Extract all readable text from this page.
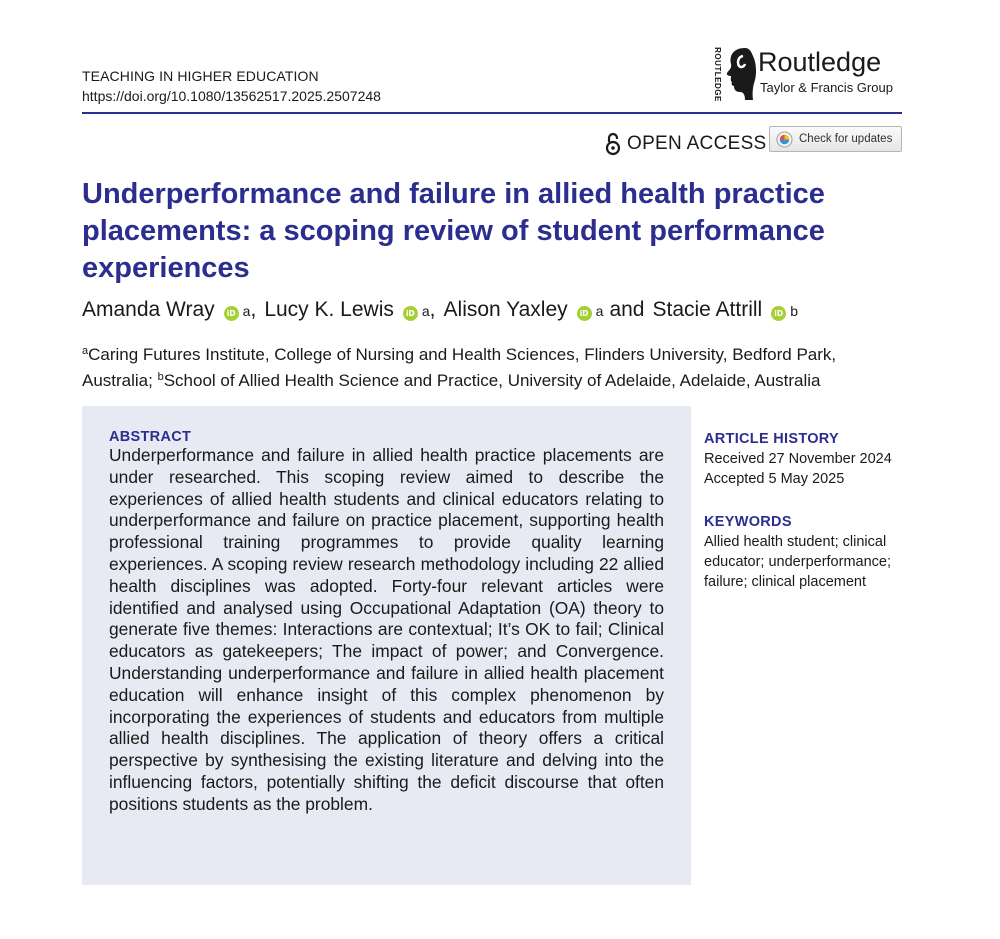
TEACHING IN HIGHER EDUCATION
https://doi.org/10.1080/13562517.2025.2507248	ROUTLEDGE Routledge
Taylor & Francis Group
OPEN ACCESS	Check for updates
Underperformance and failure in allied health practice placements: a scoping review of student performance experiences
Amanda Wray	iD a , Lucy K. Lewis	iD a , Alison Yaxley	iD a and Stacie Attrill	iD b

$^a$Caring Futures Institute, College of Nursing and Health Sciences, Flinders University, Bedford Park, Australia; $^b$School of Allied Health Science and Practice, University of Adelaide, Adelaide, Australia

ABSTRACT

Underperformance and failure in allied health practice placements are under researched. This scoping review aimed to describe the experiences of allied health students and clinical educators relating to underperformance and failure on practice placement, supporting health professional training programmes to provide quality learning experiences. A scoping review research methodology including 22 allied health disciplines was adopted. Forty-four relevant articles were identified and analysed using Occupational Adaptation (OA) theory to generate five themes: Interactions are contextual; It’s OK to fail; Clinical educators as gatekeepers; The impact of power; and Convergence. Understanding underperformance and failure in allied health placement education will enhance insight of this complex phenomenon by incorporating the experiences of students and educators from multiple allied health disciplines. The application of theory offers a critical perspective by synthesising the existing literature and delving into the influencing factors, potentially shifting the deficit discourse that often positions students as the problem.

ARTICLE HISTORY
Received 27 November 2024
Accepted 5 May 2025
KEYWORDS
Allied health student; clinical educator; underperformance; failure; clinical placement
